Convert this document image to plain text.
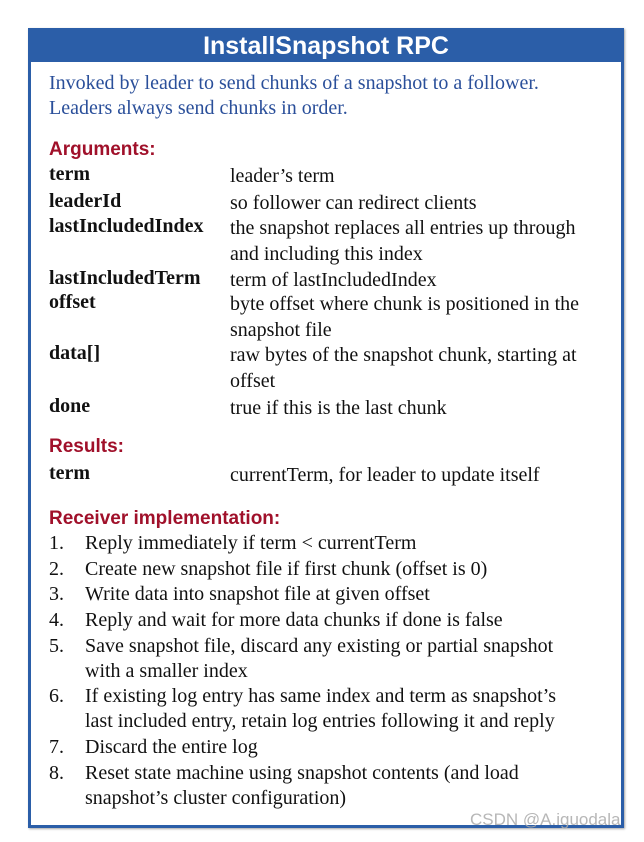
InstallSnapshot RPC
Invoked by leader to send chunks of a snapshot to a follower.
Leaders always send chunks in order.
Arguments:
term	leader’s term
leaderId	so follower can redirect clients
lastIncludedIndex the snapshot replaces all entries up through
and including this index
lastIncludedTerm term of lastIncludedIndex
offset	byte offset where chunk is positioned in the
snapshot file
data[]	raw bytes of the snapshot chunk, starting at
offset
done	true if this is the last chunk
Results:
term	currentTerm, for leader to update itself
Receiver implementation:
1. Reply immediately if term < currentTerm
2. Create new snapshot file if first chunk (offset is 0)
3. Write data into snapshot file at given offset
4. Reply and wait for more data chunks if done is false
5. Save snapshot file, discard any existing or partial snapshot
with a smaller index
6. If existing log entry has same index and term as snapshot’s
last included entry, retain log entries following it and reply
7. Discard the entire log
8. Reset state machine using snapshot contents (and load
snapshot’s cluster configuration)
CSDN @A.iguodala
